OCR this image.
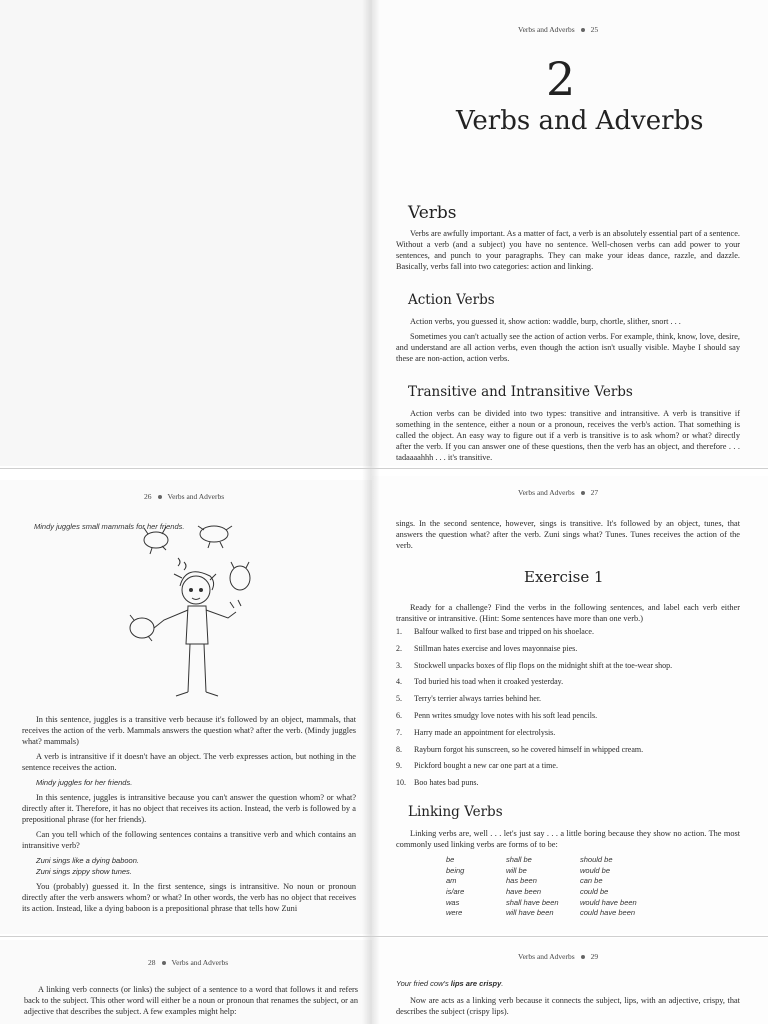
Verbs and Adverbs 25
2
Verbs and Adverbs
Verbs

Verbs are awfully important. As a matter of fact, a verb is an absolutely essential part of a sentence. Without a verb (and a subject) you have no sentence. Well-chosen verbs can add power to your sentences, and punch to your paragraphs. They can make your ideas dance, razzle, and dazzle. Basically, verbs fall into two categories: action and linking.

Action Verbs

Action verbs, you guessed it, show action: waddle, burp, chortle, slither, snort . . .

Sometimes you can't actually see the action of action verbs. For example, think, know, love, desire, and understand are all action verbs, even though the action isn't usually visible. Maybe I should say these are non-action, action verbs.

Transitive and Intransitive Verbs

Action verbs can be divided into two types: transitive and intransitive. A verb is transitive if something in the sentence, either a noun or a pronoun, receives the verb's action. That something is called the object. An easy way to figure out if a verb is transitive is to ask whom? or what? directly after the verb. If you can answer one of these questions, then the verb has an object, and therefore . . . tadaaaahhh . . . it's transitive.

26 Verbs and Adverbs
Mindy juggles small mammals for her friends.

In this sentence, juggles is a transitive verb because it's followed by an object, mammals, that receives the action of the verb. Mammals answers the question what? after the verb. (Mindy juggles what? mammals)

A verb is intransitive if it doesn't have an object. The verb expresses action, but nothing in the sentence receives the action.

Mindy juggles for her friends.

In this sentence, juggles is intransitive because you can't answer the question whom? or what? directly after it. Therefore, it has no object that receives its action. Instead, the verb is followed by a prepositional phrase (for her friends).

Can you tell which of the following sentences contains a transitive verb and which contains an intransitive verb?

Zuni sings like a dying baboon.

Zuni sings zippy show tunes.

You (probably) guessed it. In the first sentence, sings is intransitive. No noun or pronoun directly after the verb answers whom? or what? In other words, the verb has no object that receives its action. Instead, like a dying baboon is a prepositional phrase that tells how Zuni

Verbs and Adverbs 27

sings. In the second sentence, however, sings is transitive. It's followed by an object, tunes, that answers the question what? after the verb. Zuni sings what? Tunes. Tunes receives the action of the verb.

Exercise 1

Ready for a challenge? Find the verbs in the following sentences, and label each verb either transitive or intransitive. (Hint: Some sentences have more than one verb.)

1. Balfour walked to first base and tripped on his shoelace.
2. Stillman hates exercise and loves mayonnaise pies.
3. Stockwell unpacks boxes of flip flops on the midnight shift at the toe-wear shop.
4. Tod buried his toad when it croaked yesterday.
5. Terry's terrier always tarries behind her.
6. Penn writes smudgy love notes with his soft lead pencils.
7. Harry made an appointment for electrolysis.
8. Rayburn forgot his sunscreen, so he covered himself in whipped cream.
9. Pickford bought a new car one part at a time.
10. Boo hates bad puns.
Linking Verbs

Linking verbs are, well . . . let's just say . . . a little boring because they show no action. The most commonly used linking verbs are forms of to be:

be	shall be	should be
being	will be	would be
am	has been	can be
is/are	have been	could be
was	shall have been	would have been
were	will have been	could have been
28 Verbs and Adverbs

A linking verb connects (or links) the subject of a sentence to a word that follows it and refers back to the subject. This other word will either be a noun or pronoun that renames the subject, or an adjective that describes the subject. A few examples might help:

Verbs and Adverbs 29

Your fried cow's lips are crispy.

Now are acts as a linking verb because it connects the subject, lips, with an adjective, crispy, that describes the subject (crispy lips).
